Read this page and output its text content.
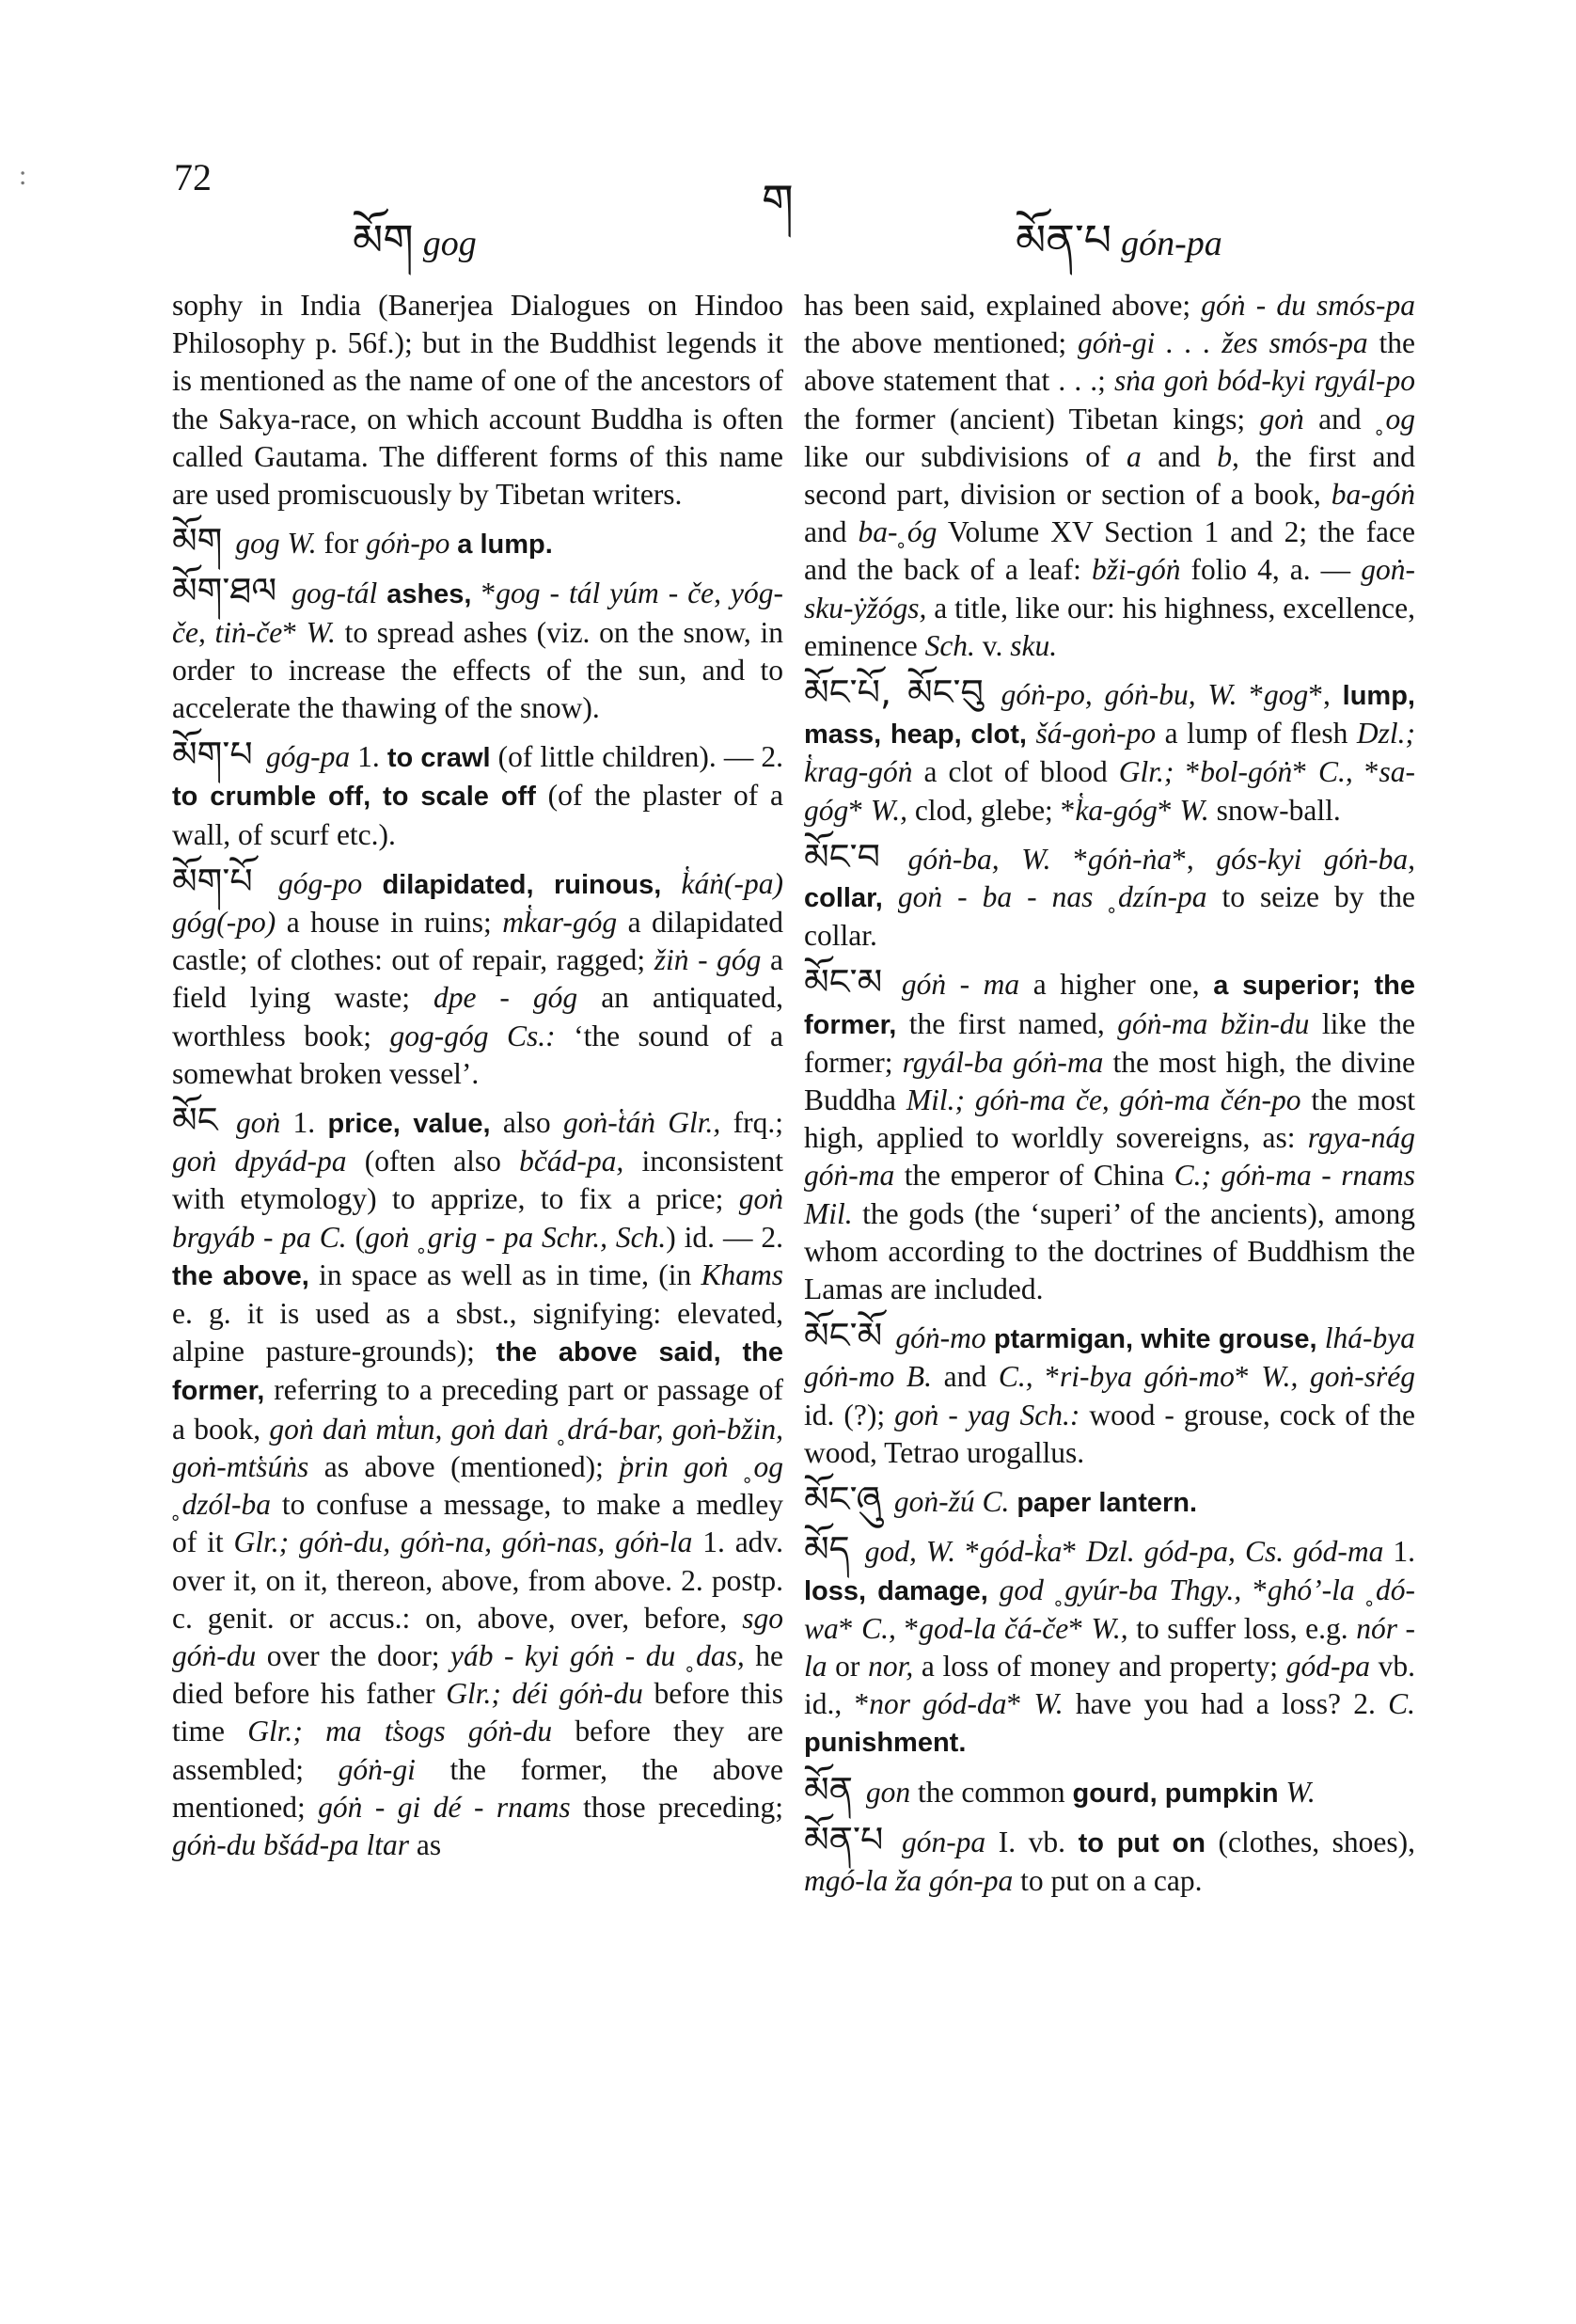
:	72
མོག gog
ག
མོན་པ gón-pa

sophy in India (Banerjea Dialogues on Hindoo Philosophy p. 56f.); but in the Buddhist legends it is mentioned as the name of one of the ancestors of the Sakya-race, on which account Buddha is often called Gautama. The different forms of this name are used promiscuously by Tibetan writers.

མོག gog W. for góṅ-po a lump.

མོག་ཐལ gog-tál ashes, *gog - tál yúm - če, yóg-če, tiṅ-če* W. to spread ashes (viz. on the snow, in order to increase the effects of the sun, and to accelerate the thawing of the snow).

མོག་པ góg-pa 1. to crawl (of little children). — 2. to crumble off, to scale off (of the plaster of a wall, of scurf etc.).

མོག་པོ góg-po dilapidated, ruinous, k̔áṅ(-pa) góg(-po) a house in ruins; mk̔ar-góg a dilapidated castle; of clothes: out of repair, ragged; žiṅ - góg a field lying waste; dpe - góg an antiquated, worthless book; gog-góg Cs.: ‘the sound of a somewhat broken vessel’.

མོང goṅ 1. price, value, also goṅ-t̔áṅ Glr., frq.; goṅ dpyád-pa (often also bčád-pa, inconsistent with etymology) to apprize, to fix a price; goṅ brgyáb - pa C. (goṅ ˳grig - pa Schr., Sch.) id. — 2. the above, in space as well as in time, (in Khams e. g. it is used as a sbst., signifying: elevated, alpine pasture-grounds); the above said, the former, referring to a preceding part or passage of a book, goṅ daṅ mt̔un, goṅ daṅ ˳drá-bar, goṅ-bžin, goṅ-mts̔úṅs as above (mentioned); p̔rin goṅ ˳og ˳dzól-ba to confuse a message, to make a medley of it Glr.; góṅ-du, góṅ-na, góṅ-nas, góṅ-la 1. adv. over it, on it, thereon, above, from above. 2. postp. c. genit. or accus.: on, above, over, before, sgo góṅ-du over the door; yáb - kyi góṅ - du ˳das, he died before his father Glr.; déi góṅ-du before this time Glr.; ma ts̔ogs góṅ-du before they are assembled; góṅ-gi the former, the above mentioned; góṅ - gi dé - rnams those preceding; góṅ-du bšád-pa ltar as

has been said, explained above; góṅ - du smós-pa the above mentioned; góṅ-gi . . . žes smós-pa the above statement that . . .; sṅa goṅ bód-kyi rgyál-po the former (ancient) Tibetan kings; goṅ and ˳og like our subdivisions of a and b, the first and second part, division or section of a book, ba-góṅ and ba-˳óg Volume XV Section 1 and 2; the face and the back of a leaf: bži-góṅ folio 4, a. — goṅ-sku-ẏžógs, a title, like our: his highness, excellence, eminence Sch. v. sku.

མོང་པོ, མོང་བུ góṅ-po, góṅ-bu, W. *gog*, lump, mass, heap, clot, šá-goṅ-po a lump of flesh Dzl.; k̔rag-góṅ a clot of blood Glr.; *bol-góṅ* C., *sa-góg* W., clod, glebe; *k̔a-góg* W. snow-ball.

མོང་བ góṅ-ba, W. *góṅ-ṅa*, gós-kyi góṅ-ba, collar, goṅ - ba - nas ˳dzín-pa to seize by the collar.

མོང་མ góṅ - ma a higher one, a superior; the former, the first named, góṅ-ma bžin-du like the former; rgyál-ba góṅ-ma the most high, the divine Buddha Mil.; góṅ-ma če, góṅ-ma čén-po the most high, applied to worldly sovereigns, as: rgya-nág góṅ-ma the emperor of China C.; góṅ-ma - rnams Mil. the gods (the ‘superi’ of the ancients), among whom according to the doctrines of Buddhism the Lamas are included.

མོང་མོ góṅ-mo ptarmigan, white grouse, lhá-bya góṅ-mo B. and C., *ri-bya góṅ-mo* W., goṅ-sṙég id. (?); goṅ - yag Sch.: wood - grouse, cock of the wood, Tetrao urogallus.

མོང་ཞུ goṅ-žú C. paper lantern.

མོད god, W. *gód-k̔a* Dzl. gód-pa, Cs. gód-ma 1. loss, damage, god ˳gyúr-ba Thgy., *ghó’-la ˳dó-wa* C., *god-la čá-če* W., to suffer loss, e.g. nór - la or nor, a loss of money and property; gód-pa vb. id., *nor gód-da* W. have you had a loss? 2. C. punishment.

མོན gon the common gourd, pumpkin W.

མོན་པ gón-pa I. vb. to put on (clothes, shoes), mgó-la ža gón-pa to put on a cap.
